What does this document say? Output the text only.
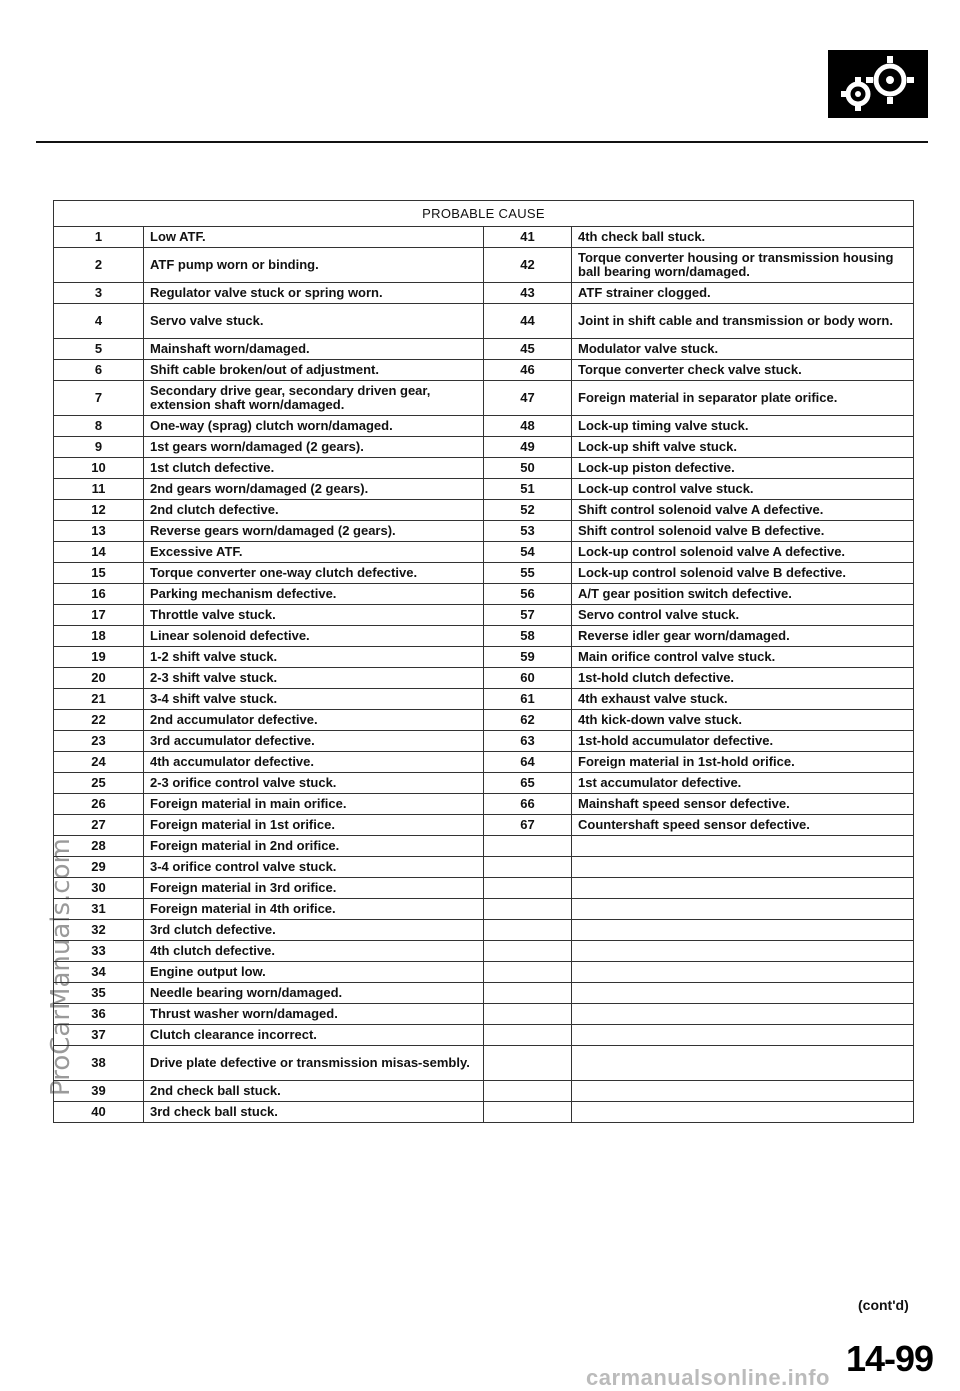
ProCarManuals.com
PROBABLE CAUSE			
1	Low ATF.	41	4th check ball stuck.
2	ATF pump worn or binding.	42	Torque converter housing or transmission housing ball bearing worn/damaged.
3	Regulator valve stuck or spring worn.	43	ATF strainer clogged.
4	Servo valve stuck.	44	Joint in shift cable and transmission or body worn.
5	Mainshaft worn/damaged.	45	Modulator valve stuck.
6	Shift cable broken/out of adjustment.	46	Torque converter check valve stuck.
7	Secondary drive gear, secondary driven gear, extension shaft worn/damaged.	47	Foreign material in separator plate orifice.
8	One-way (sprag) clutch worn/damaged.	48	Lock-up timing valve stuck.
9	1st gears worn/damaged (2 gears).	49	Lock-up shift valve stuck.
10	1st clutch defective.	50	Lock-up piston defective.
11	2nd gears worn/damaged (2 gears).	51	Lock-up control valve stuck.
12	2nd clutch defective.	52	Shift control solenoid valve A defective.
13	Reverse gears worn/damaged (2 gears).	53	Shift control solenoid valve B defective.
14	Excessive ATF.	54	Lock-up control solenoid valve A defective.
15	Torque converter one-way clutch defective.	55	Lock-up control solenoid valve B defective.
16	Parking mechanism defective.	56	A/T gear position switch defective.
17	Throttle valve stuck.	57	Servo control valve stuck.
18	Linear solenoid defective.	58	Reverse idler gear worn/damaged.
19	1-2 shift valve stuck.	59	Main orifice control valve stuck.
20	2-3 shift valve stuck.	60	1st-hold clutch defective.
21	3-4 shift valve stuck.	61	4th exhaust valve stuck.
22	2nd accumulator defective.	62	4th kick-down valve stuck.
23	3rd accumulator defective.	63	1st-hold accumulator defective.
24	4th accumulator defective.	64	Foreign material in 1st-hold orifice.
25	2-3 orifice control valve stuck.	65	1st accumulator defective.
26	Foreign material in main orifice.	66	Mainshaft speed sensor defective.
27	Foreign material in 1st orifice.	67	Countershaft speed sensor defective.
28	Foreign material in 2nd orifice.		
29	3-4 orifice control valve stuck.		
30	Foreign material in 3rd orifice.		
31	Foreign material in 4th orifice.		
32	3rd clutch defective.		
33	4th clutch defective.		
34	Engine output low.		
35	Needle bearing worn/damaged.		
36	Thrust washer worn/damaged.		
37	Clutch clearance incorrect.		
38	Drive plate defective or transmission misas-sembly.		
39	2nd check ball stuck.		
40	3rd check ball stuck.		
(cont'd)
14-99
carmanualsonline.info
